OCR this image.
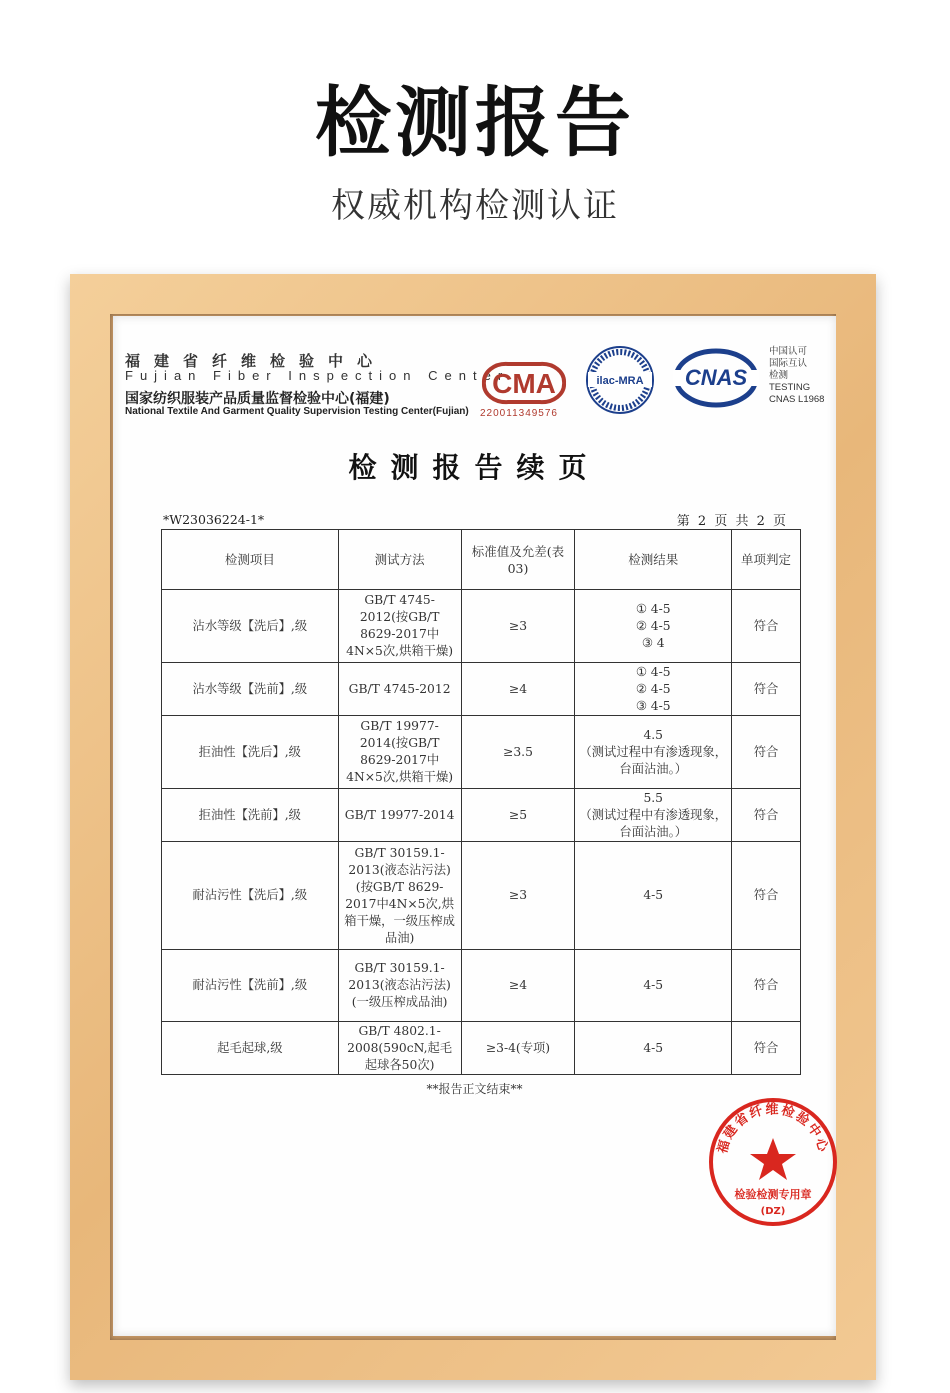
检测报告
权威机构检测认证
福建省纤维检验中心
Fujian Fiber Inspection Center
国家纺织服装产品质量监督检验中心(福建)
National Textile And Garment Quality Supervision Testing Center(Fujian)
CMA
220011349576
ilac-MRA CNAS
中国认可
国际互认
检测
TESTING
CNAS L1968
检测报告续页
*W23036224-1*	第 2 页 共 2 页
检测项目	测试方法	标准值及允差(表03)	检测结果	单项判定
沾水等级【洗后】,级	GB/T 4745-2012(按GB/T 8629-2017中4N×5次,烘箱干燥)	≥3	① 4-5
② 4-5
③ 4	符合
沾水等级【洗前】,级	GB/T 4745-2012	≥4	① 4-5
② 4-5
③ 4-5	符合
拒油性【洗后】,级	GB/T 19977-2014(按GB/T 8629-2017中4N×5次,烘箱干燥)	≥3.5	4.5
（测试过程中有渗透现象，台面沾油。）	符合
拒油性【洗前】,级	GB/T 19977-2014	≥5	5.5
（测试过程中有渗透现象，台面沾油。）	符合
耐沾污性【洗后】,级	GB/T 30159.1-2013(液态沾污法)(按GB/T 8629-2017中4N×5次,烘箱干燥，一级压榨成品油)	≥3	4-5	符合
耐沾污性【洗前】,级	GB/T 30159.1-2013(液态沾污法)(一级压榨成品油)	≥4	4-5	符合
起毛起球,级	GB/T 4802.1-2008(590cN,起毛起球各50次)	≥3-4(专项)	4-5	符合
**报告正文结束**
福建省纤维检验中心
检验检测专用章
(DZ)
